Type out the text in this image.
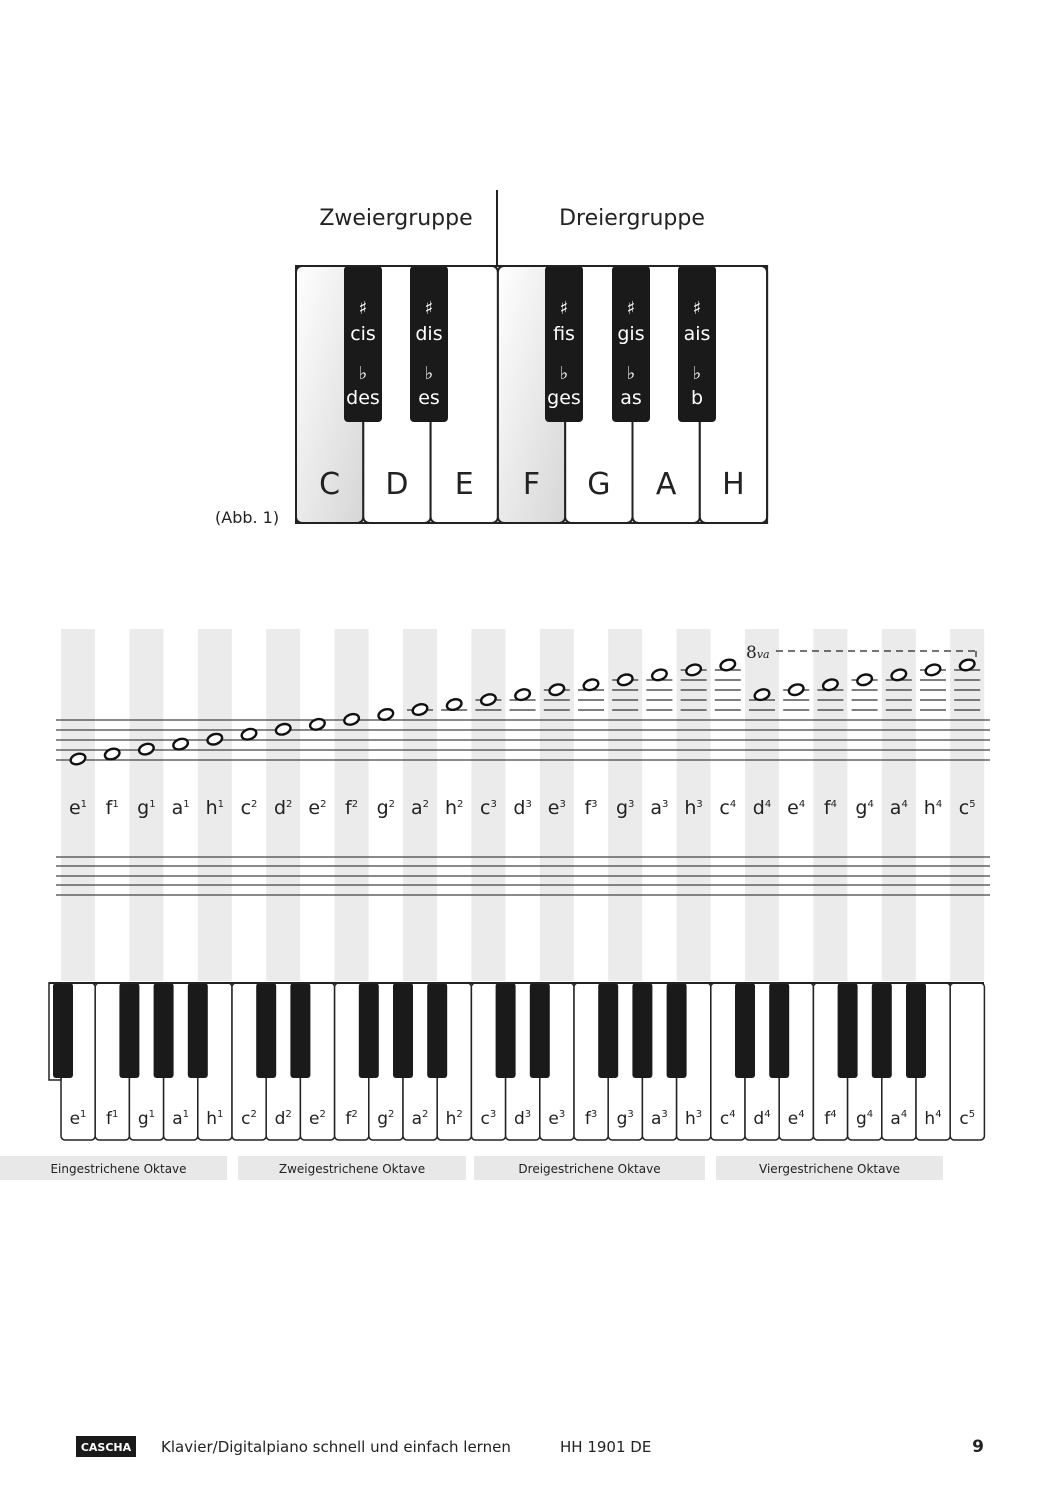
Zweiergruppe	Dreiergruppe
C D E F G A H
♯
cis
♭
des
♯
dis
♭
es
♯
fis
♭
ges
♯
gis
♭
as
♯
ais
♭
b
(Abb. 1)
8va
$e^1$ $f^1$ $g^1$ $a^1$ $h^1$ $c^2$ $d^2$ $e^2$ $f^2$ $g^2$ $a^2$ $h^2$ $c^3$ $d^3$ $e^3$ $f^3$ $g^3$ $a^3$ $h^3$ $c^4$ $d^4$ $e^4$ $f^4$ $g^4$ $a^4$ $h^4$ $c^5$
$e^1$ $f^1$ $g^1$ $a^1$ $h^1$ $c^2$ $d^2$ $e^2$ $f^2$ $g^2$ $a^2$ $h^2$ $c^3$ $d^3$ $e^3$ $f^3$ $g^3$ $a^3$ $h^3$ $c^4$ $d^4$ $e^4$ $f^4$ $g^4$ $a^4$ $h^4$ $c^5$
Eingestrichene Oktave	Zweigestrichene Oktave	Dreigestrichene Oktave	Viergestrichene Oktave
CASCHA Klavier/Digitalpiano schnell und einfach lernen	HH 1901 DE	9
